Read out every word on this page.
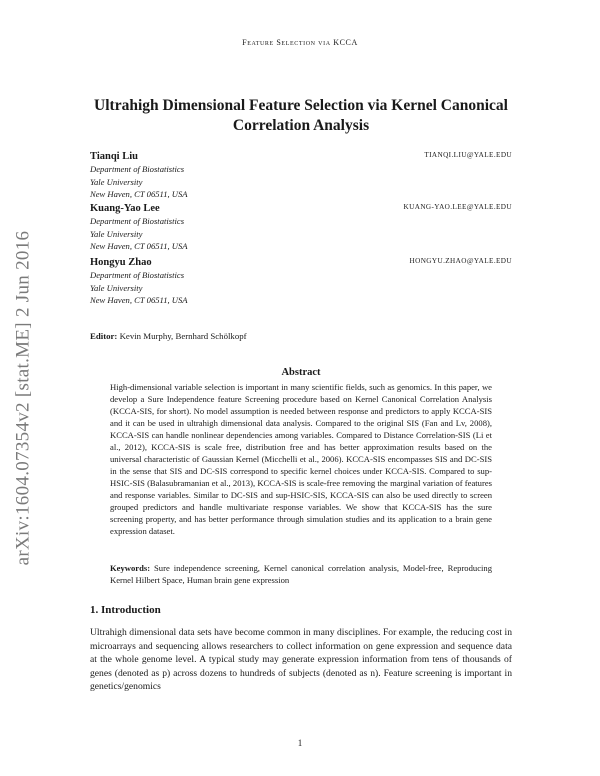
Feature Selection via KCCA
arXiv:1604.07354v2 [stat.ME] 2 Jun 2016
Ultrahigh Dimensional Feature Selection via Kernel Canonical Correlation Analysis
Tianqi Liu	TIANQI.LIU@YALE.EDU
Department of Biostatistics
Yale University
New Haven, CT 06511, USA
Kuang-Yao Lee	KUANG-YAO.LEE@YALE.EDU
Department of Biostatistics
Yale University
New Haven, CT 06511, USA
Hongyu Zhao	HONGYU.ZHAO@YALE.EDU
Department of Biostatistics
Yale University
New Haven, CT 06511, USA
Editor: Kevin Murphy, Bernhard Schölkopf
Abstract
High-dimensional variable selection is important in many scientific fields, such as genomics. In this paper, we develop a Sure Independence feature Screening procedure based on Kernel Canonical Correlation Analysis (KCCA-SIS, for short). No model assumption is needed between response and predictors to apply KCCA-SIS and it can be used in ultrahigh dimensional data analysis. Compared to the original SIS (Fan and Lv, 2008), KCCA-SIS can handle nonlinear dependencies among variables. Compared to Distance Correlation-SIS (Li et al., 2012), KCCA-SIS is scale free, distribution free and has better approximation results based on the universal characteristic of Gaussian Kernel (Micchelli et al., 2006). KCCA-SIS encompasses SIS and DC-SIS in the sense that SIS and DC-SIS correspond to specific kernel choices under KCCA-SIS. Compared to sup-HSIC-SIS (Balasubramanian et al., 2013), KCCA-SIS is scale-free removing the marginal variation of features and response variables. Similar to DC-SIS and sup-HSIC-SIS, KCCA-SIS can also be used directly to screen grouped predictors and handle multivariate response variables. We show that KCCA-SIS has the sure screening property, and has better performance through simulation studies and its application to a brain gene expression dataset.
Keywords: Sure independence screening, Kernel canonical correlation analysis, Model-free, Reproducing Kernel Hilbert Space, Human brain gene expression
1. Introduction
Ultrahigh dimensional data sets have become common in many disciplines. For example, the reducing cost in microarrays and sequencing allows researchers to collect information on gene expression and sequence data at the whole genome level. A typical study may generate expression information from tens of thousands of genes (denoted as p) across dozens to hundreds of subjects (denoted as n). Feature screening is important in genetics/genomics
1
